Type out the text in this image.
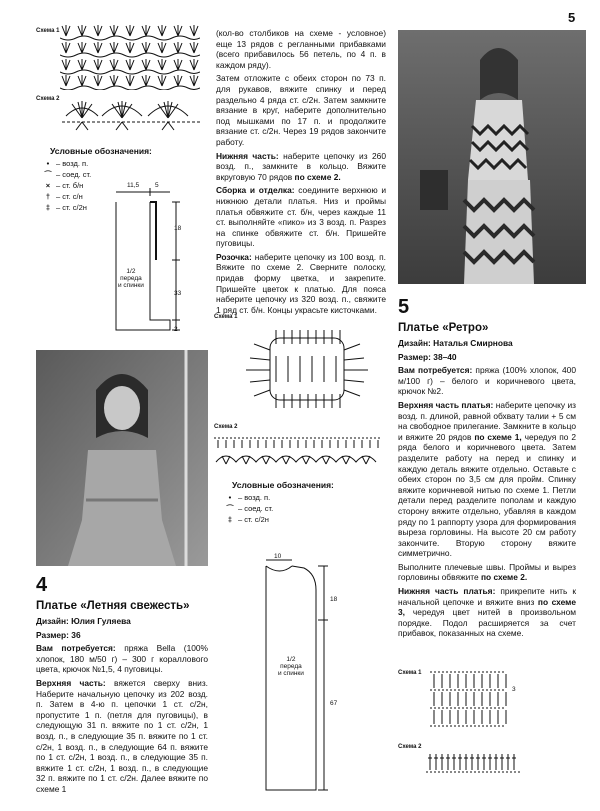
5
Схема 1
Схема 2
Условные обозначения:
• – возд. п.
⌒ – соед. ст.
× – ст. б/н
† – ст. с/н
‡ – ст. с/2н
11,5 5
18
33
2
1/2
переда
и спинки

(кол-во столбиков на схеме - условное) еще 13 рядов с регланными прибавками (всего прибавилось 56 петель, по 4 п. в каждом ряду).

Затем отложите с обеих сторон по 73 п. для рукавов, вяжите спинку и перед раздельно 4 ряда ст. с/2н. Затем замкните вязание в круг, наберите дополнительно под мышками по 17 п. и продолжите вязание ст. с/2н. Через 19 рядов закончите работу.

Нижняя часть: наберите цепочку из 260 возд. п., замкните в кольцо. Вяжите вкруговую 70 рядов по схеме 2.

Сборка и отделка: соедините верхнюю и нижнюю детали платья. Низ и проймы платья обвяжите ст. б/н, через каждые 11 ст. выполняйте «пико» из 3 возд. п. Разрез на спинке обвяжите ст. б/н. Пришейте пуговицы.

Розочка: наберите цепочку из 100 возд. п. Вяжите по схеме 2. Сверните полоску, придав форму цветка, и закрепите. Пришейте цветок к платью. Для пояса наберите цепочку из 320 возд. п., свяжите 1 ряд ст. б/н. Концы украсьте кисточками.

Схема 1
Схема 2
Условные обозначения:
• – возд. п.
⌒ – соед. ст.
‡ – ст. с/2н
10
18
67
1/2
переда
и спинки
4
Платье «Летняя свежесть»

Дизайн: Юлия Гуляева

Размер: 36

Вам потребуется: пряжа Bella (100% хлопок, 180 м/50 г) – 300 г кораллового цвета, крючок №1,5, 4 пуговицы.

Верхняя часть: вяжется сверху вниз. Наберите начальную цепочку из 202 возд. п. Затем в 4-ю п. цепочки 1 ст. с/2н, пропустите 1 п. (петля для пуговицы), в следующую 31 п. вяжите по 1 ст. с/2н, 1 возд. п., в следующие 35 п. вяжите по 1 ст. с/2н, 1 возд. п., в следующие 64 п. вяжите по 1 ст. с/2н, 1 возд. п., в следующие 35 п. вяжите 1 ст. с/2н, 1 возд. п., в следующие 32 п. вяжите по 1 ст. с/2н. Далее вяжите по схеме 1

5
Платье «Ретро»

Дизайн: Наталья Смирнова

Размер: 38–40

Вам потребуется: пряжа (100% хлопок, 400 м/100 г) – белого и коричневого цвета, крючок №2.

Верхняя часть платья: наберите цепочку из возд. п. длиной, равной обхвату талии + 5 см на свободное прилегание. Замкните в кольцо и вяжите 20 рядов по схеме 1, чередуя по 2 ряда белого и коричневого цвета. Затем разделите работу на перед и спинку и каждую деталь вяжите отдельно. Оставьте с обеих сторон по 3,5 см для пройм. Спинку вяжите коричневой нитью по схеме 1. Петли детали перед разделите пополам и каждую сторону вяжите отдельно, убавляя в каждом ряду по 1 раппорту узора для формирования выреза горловины. На высоте 20 см работу закончите. Вторую сторону вяжите симметрично.

Выполните плечевые швы. Проймы и вырез горловины обвяжите по схеме 2.

Нижняя часть платья: прикрепите нить к начальной цепочке и вяжите вниз по схеме 3, чередуя цвет нитей в произвольном порядке. Подол расширяется за счет прибавок, показанных на схеме.

Схема 1
3
Схема 2
